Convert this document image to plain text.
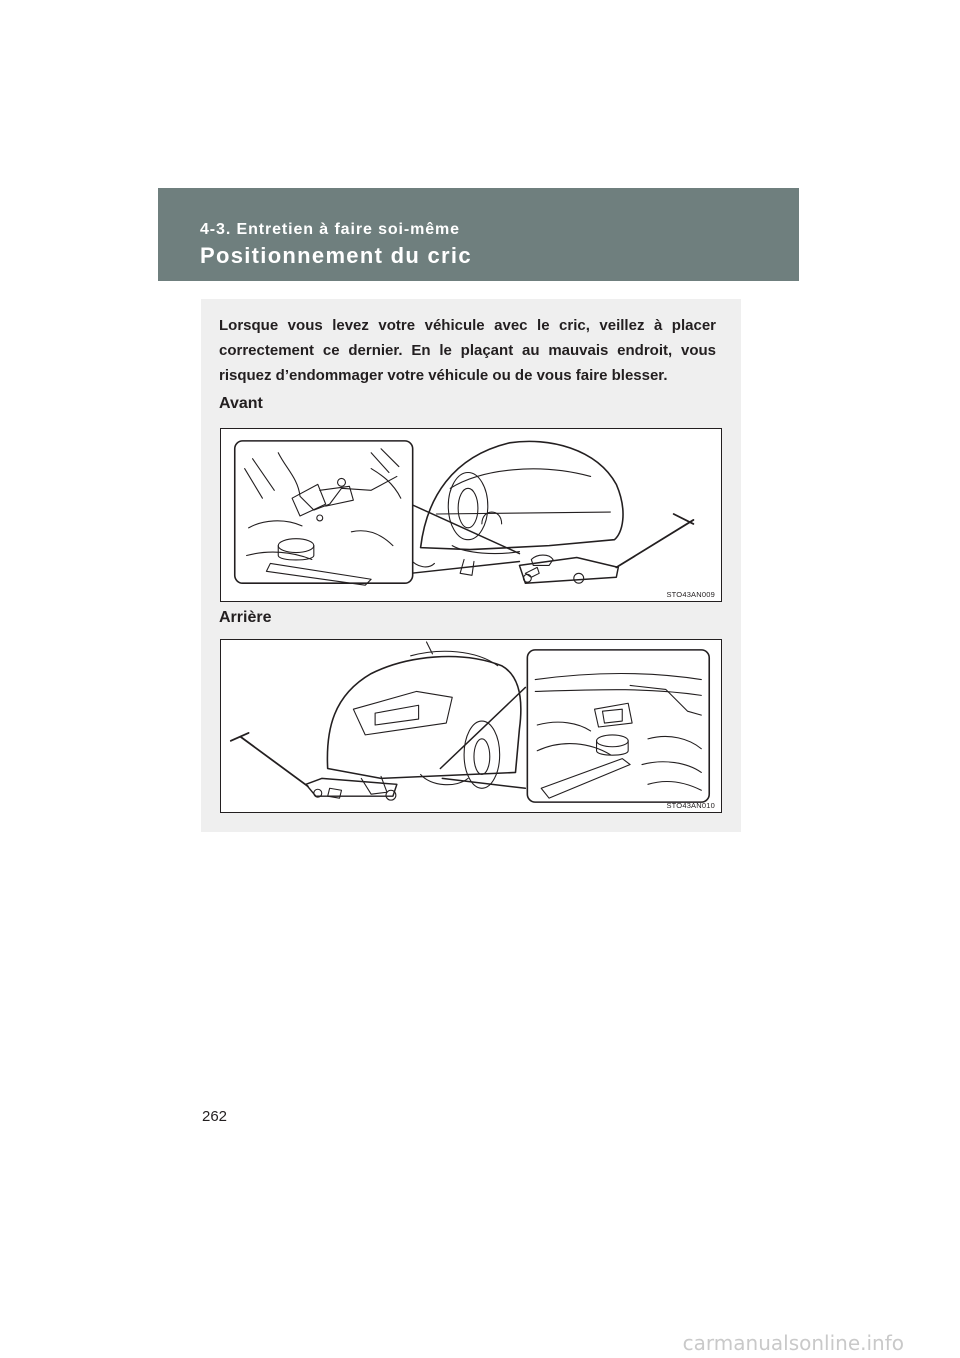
4-3. Entretien à faire soi-même
Positionnement du cric

Lorsque vous levez votre véhicule avec le cric, veillez à placer correctement ce dernier. En le plaçant au mauvais endroit, vous risquez d’endommager votre véhicule ou de vous faire blesser.

Avant
STO43AN009
Arrière
STO43AN010
262
carmanualsonline.info
